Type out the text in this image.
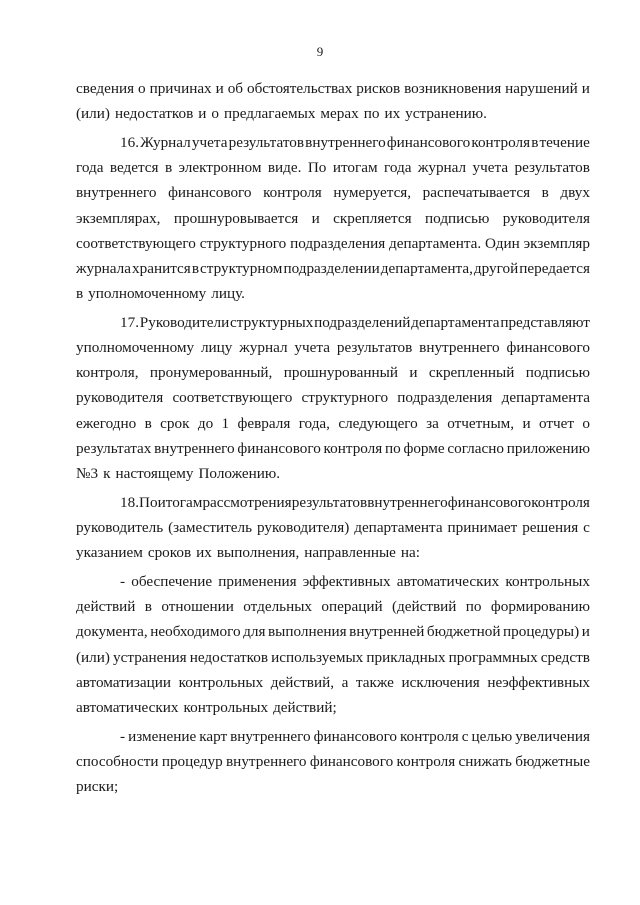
9
сведения о причинах и об обстоятельствах рисков возникновения нарушений и
(или) недостатков и о предлагаемых мерах по их устранению.
16. Журнал учета результатов внутреннего финансового контроля в течение
года ведется в электронном виде. По итогам года журнал учета результатов
внутреннего финансового контроля нумеруется, распечатывается в двух
экземплярах, прошнуровывается и скрепляется подписью руководителя
соответствующего структурного подразделения департамента. Один экземпляр
журнала хранится в структурном подразделении департамента, другой передается
в уполномоченному лицу.
17. Руководители структурных подразделений департамента представляют
уполномоченному лицу журнал учета результатов внутреннего финансового
контроля, пронумерованный, прошнурованный и скрепленный подписью
руководителя соответствующего структурного подразделения департамента
ежегодно в срок до 1 февраля года, следующего за отчетным, и отчет о
результатах внутреннего финансового контроля по форме согласно приложению
№3 к настоящему Положению.
18. По итогам рассмотрения результатов внутреннего финансового контроля
руководитель (заместитель руководителя) департамента принимает решения с
указанием сроков их выполнения, направленные на:
- обеспечение применения эффективных автоматических контрольных
действий в отношении отдельных операций (действий по формированию
документа, необходимого для выполнения внутренней бюджетной процедуры) и
(или) устранения недостатков используемых прикладных программных средств
автоматизации контрольных действий, а также исключения неэффективных
автоматических контрольных действий;
- изменение карт внутреннего финансового контроля с целью увеличения
способности процедур внутреннего финансового контроля снижать бюджетные
риски;
